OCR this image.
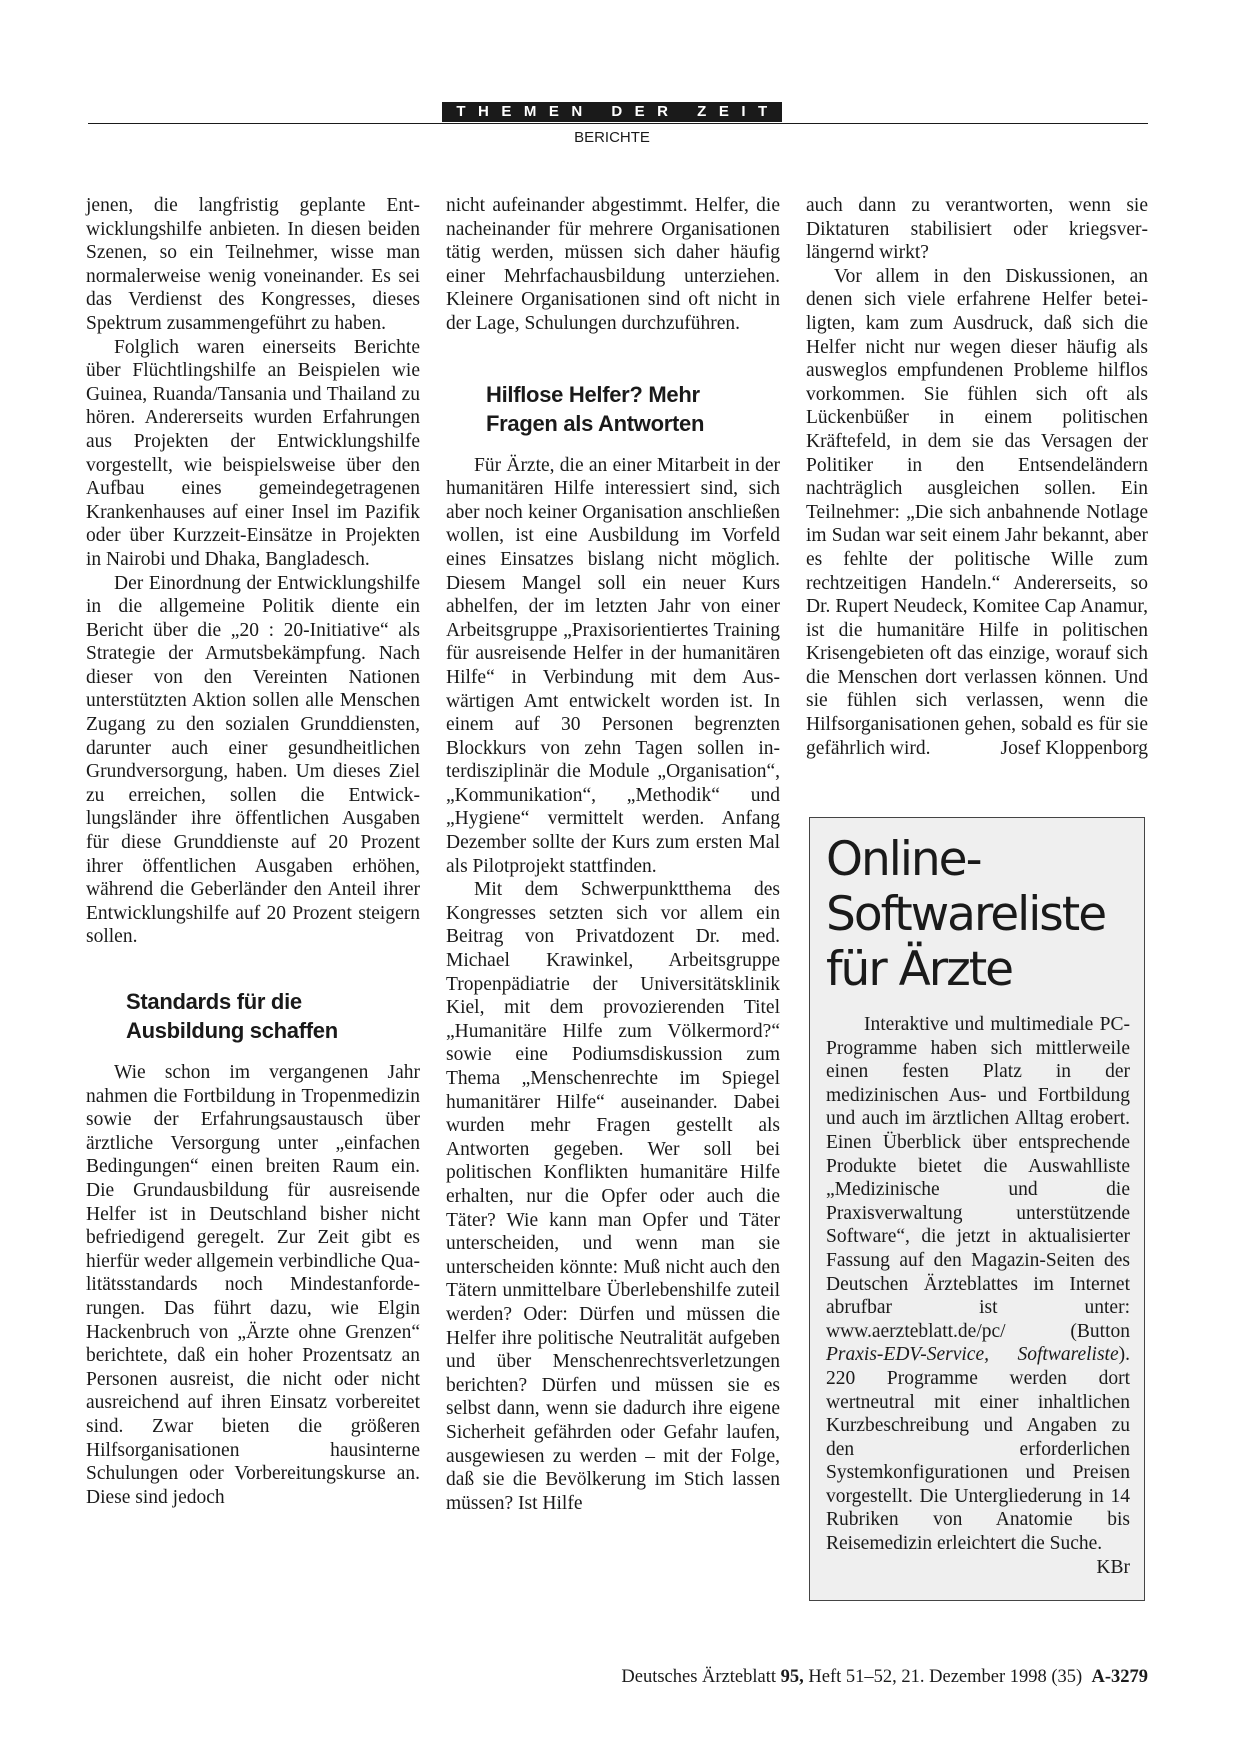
THEMEN DER ZEIT
BERICHTE

jenen, die langfristig geplante Entwicklungshilfe anbieten. In diesen beiden Szenen, so ein Teilnehmer, wisse man normalerweise wenig voneinander. Es sei das Verdienst des Kongresses, dieses Spektrum zusammengeführt zu haben.

Folglich waren einerseits Berichte über Flüchtlingshilfe an Beispielen wie Guinea, Ruanda/Tansania und Thailand zu hören. Andererseits wurden Erfahrungen aus Projekten der Entwicklungshilfe vorgestellt, wie beispielsweise über den Aufbau eines gemeindegetragenen Krankenhauses auf einer Insel im Pazifik oder über Kurzzeit-Einsätze in Projekten in Nairobi und Dhaka, Bangladesch.

Der Einordnung der Entwicklungshilfe in die allgemeine Politik diente ein Bericht über die „20 : 20-Initiative“ als Strategie der Armutsbekämpfung. Nach dieser von den Vereinten Nationen unterstützten Aktion sollen alle Menschen Zugang zu den sozialen Grunddiensten, darunter auch einer gesundheitlichen Grundversorgung, haben. Um dieses Ziel zu erreichen, sollen die Entwicklungsländer ihre öffentlichen Ausgaben für diese Grunddienste auf 20 Prozent ihrer öffentlichen Ausgaben erhöhen, während die Geberländer den Anteil ihrer Entwicklungshilfe auf 20 Prozent steigern sollen.

Standards für die
Ausbildung schaffen

Wie schon im vergangenen Jahr nahmen die Fortbildung in Tropenmedizin sowie der Erfahrungsaustausch über ärztliche Versorgung unter „einfachen Bedingungen“ einen breiten Raum ein. Die Grundausbildung für ausreisende Helfer ist in Deutschland bisher nicht befriedigend geregelt. Zur Zeit gibt es hierfür weder allgemein verbindliche Qualitätsstandards noch Mindestanforderungen. Das führt dazu, wie Elgin Hackenbruch von „Ärzte ohne Grenzen“ berichtete, daß ein hoher Prozentsatz an Personen ausreist, die nicht oder nicht ausreichend auf ihren Einsatz vorbereitet sind. Zwar bieten die größeren Hilfsorganisationen hausinterne Schulungen oder Vorbereitungskurse an. Diese sind jedoch

nicht aufeinander abgestimmt. Helfer, die nacheinander für mehrere Organisationen tätig werden, müssen sich daher häufig einer Mehrfachausbildung unterziehen. Kleinere Organisationen sind oft nicht in der Lage, Schulungen durchzuführen.

Hilflose Helfer? Mehr
Fragen als Antworten

Für Ärzte, die an einer Mitarbeit in der humanitären Hilfe interessiert sind, sich aber noch keiner Organisation anschließen wollen, ist eine Ausbildung im Vorfeld eines Einsatzes bislang nicht möglich. Diesem Mangel soll ein neuer Kurs abhelfen, der im letzten Jahr von einer Arbeitsgruppe „Praxisorientiertes Training für ausreisende Helfer in der humanitären Hilfe“ in Verbindung mit dem Auswärtigen Amt entwickelt worden ist. In einem auf 30 Personen begrenzten Blockkurs von zehn Tagen sollen interdisziplinär die Module „Organisation“, „Kommunikation“, „Methodik“ und „Hygiene“ vermittelt werden. Anfang Dezember sollte der Kurs zum ersten Mal als Pilotprojekt stattfinden.

Mit dem Schwerpunktthema des Kongresses setzten sich vor allem ein Beitrag von Privatdozent Dr. med. Michael Krawinkel, Arbeitsgruppe Tropenpädiatrie der Universitätsklinik Kiel, mit dem provozierenden Titel „Humanitäre Hilfe zum Völkermord?“ sowie eine Podiumsdiskussion zum Thema „Menschenrechte im Spiegel humanitärer Hilfe“ auseinander. Dabei wurden mehr Fragen gestellt als Antworten gegeben. Wer soll bei politischen Konflikten humanitäre Hilfe erhalten, nur die Opfer oder auch die Täter? Wie kann man Opfer und Täter unterscheiden, und wenn man sie unterscheiden könnte: Muß nicht auch den Tätern unmittelbare Überlebenshilfe zuteil werden? Oder: Dürfen und müssen die Helfer ihre politische Neutralität aufgeben und über Menschenrechtsverletzungen berichten? Dürfen und müssen sie es selbst dann, wenn sie dadurch ihre eigene Sicherheit gefährden oder Gefahr laufen, ausgewiesen zu werden – mit der Folge, daß sie die Bevölkerung im Stich lassen müssen? Ist Hilfe

auch dann zu verantworten, wenn sie Diktaturen stabilisiert oder kriegsverlängernd wirkt?

Vor allem in den Diskussionen, an denen sich viele erfahrene Helfer beteiligten, kam zum Ausdruck, daß sich die Helfer nicht nur wegen dieser häufig als ausweglos empfundenen Probleme hilflos vorkommen. Sie fühlen sich oft als Lückenbüßer in einem politischen Kräftefeld, in dem sie das Versagen der Politiker in den Entsendeländern nachträglich ausgleichen sollen. Ein Teilnehmer: „Die sich anbahnende Notlage im Sudan war seit einem Jahr bekannt, aber es fehlte der politische Wille zum rechtzeitigen Handeln.“ Andererseits, so Dr. Rupert Neudeck, Komitee Cap Anamur, ist die humanitäre Hilfe in politischen Krisengebieten oft das einzige, worauf sich die Menschen dort verlassen können. Und sie fühlen sich verlassen, wenn die Hilfsorganisationen gehen, sobald es für sie gefährlich wird.	Josef Kloppenborg

Online-
Softwareliste
für Ärzte

Interaktive und multimediale PC-Programme haben sich mittlerweile einen festen Platz in der medizinischen Aus- und Fortbildung und auch im ärztlichen Alltag erobert. Einen Überblick über entsprechende Produkte bietet die Auswahlliste „Medizinische und die Praxisverwaltung unterstützende Software“, die jetzt in aktualisierter Fassung auf den Magazin-Seiten des Deutschen Ärzteblattes im Internet abrufbar ist unter: www.aerzteblatt.de/pc/ (Button Praxis-EDV-Service, Softwareliste). 220 Programme werden dort wertneutral mit einer inhaltlichen Kurzbeschreibung und Angaben zu den erforderlichen Systemkonfigurationen und Preisen vorgestellt. Die Untergliederung in 14 Rubriken von Anatomie bis Reisemedizin erleichtert die Suche.
KBr

Deutsches Ärzteblatt 95, Heft 51–52, 21. Dezember 1998 (35) A-3279
